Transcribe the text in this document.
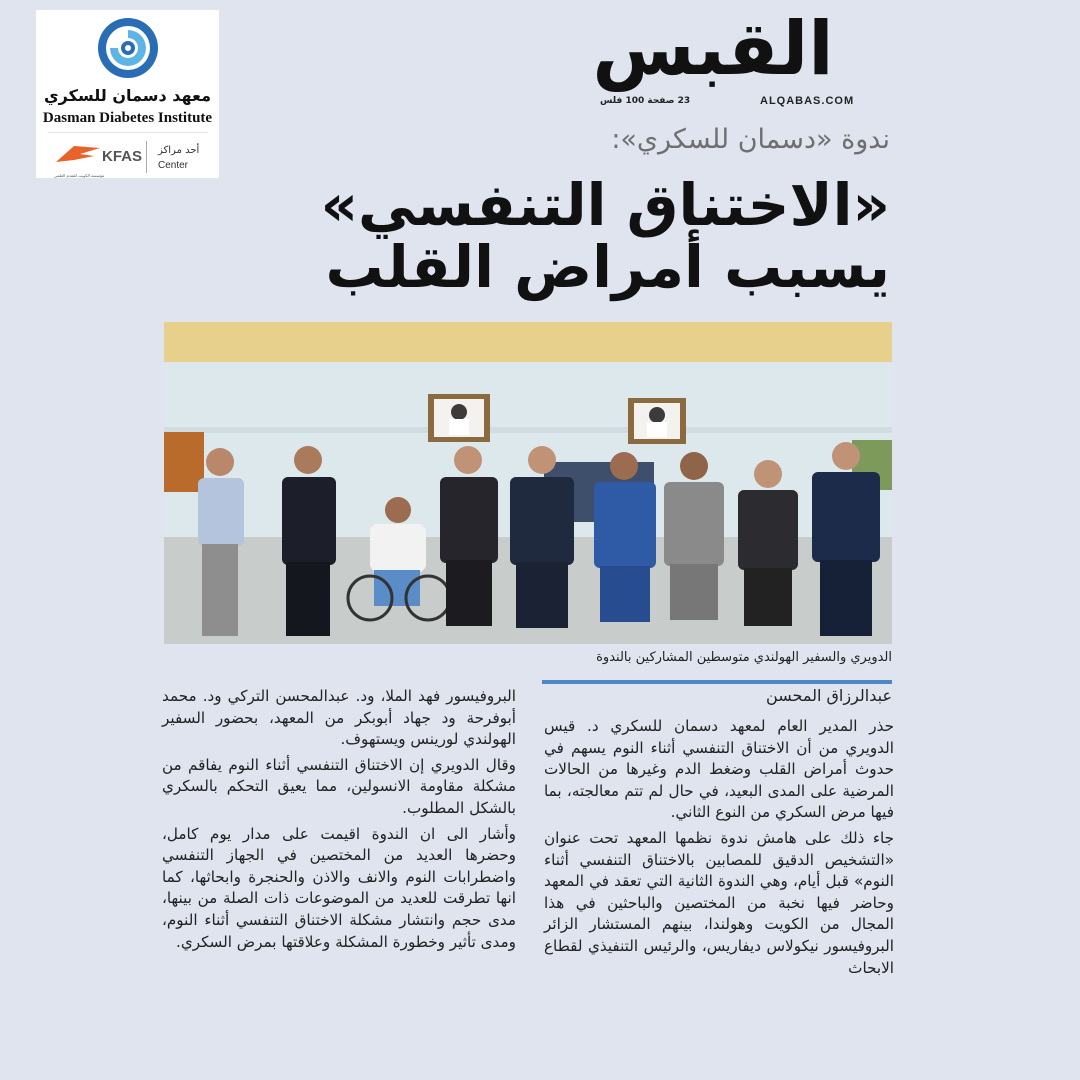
معهد دسمان للسكري
Dasman Diabetes Institute
KFAS
مؤسسة الكويت للتقدم العلمي
أحد مراكز
Center
القبس
23 صفحة 100 فلس	ALQABAS.COM
ندوة «دسمان للسكري»:
«الاختناق التنفسي»
يسبب أمراض القلب
الدويري والسفير الهولندي متوسطين المشاركين بالندوة
عبدالرزاق المحسن

حذر المدير العام لمعهد دسمان للسكري د. قيس الدويري من أن الاختناق التنفسي أثناء النوم يسهم في حدوث أمراض القلب وضغط الدم وغيرها من الحالات المرضية على المدى البعيد، في حال لم تتم معالجته، بما فيها مرض السكري من النوع الثاني.

جاء ذلك على هامش ندوة نظمها المعهد تحت عنوان «التشخيص الدقيق للمصابين بالاختناق التنفسي أثناء النوم» قبل أيام، وهي الندوة الثانية التي تعقد في المعهد وحاضر فيها نخبة من المختصين والباحثين في هذا المجال من الكويت وهولندا، بينهم المستشار الزائر البروفيسور نيكولاس ديفاريس، والرئيس التنفيذي لقطاع الابحاث

البروفيسور فهد الملا، ود. عبدالمحسن التركي ود. محمد أبوفرحة ود جهاد أبوبكر من المعهد، بحضور السفير الهولندي لورينس ويستهوف.

وقال الدويري إن الاختناق التنفسي أثناء النوم يفاقم من مشكلة مقاومة الانسولين، مما يعيق التحكم بالسكري بالشكل المطلوب.

وأشار الى ان الندوة اقيمت على مدار يوم كامل، وحضرها العديد من المختصين في الجهاز التنفسي واضطرابات النوم والانف والاذن والحنجرة وابحاثها، كما انها تطرقت للعديد من الموضوعات ذات الصلة من بينها، مدى حجم وانتشار مشكلة الاختناق التنفسي أثناء النوم، ومدى تأثير وخطورة المشكلة وعلاقتها بمرض السكري.
